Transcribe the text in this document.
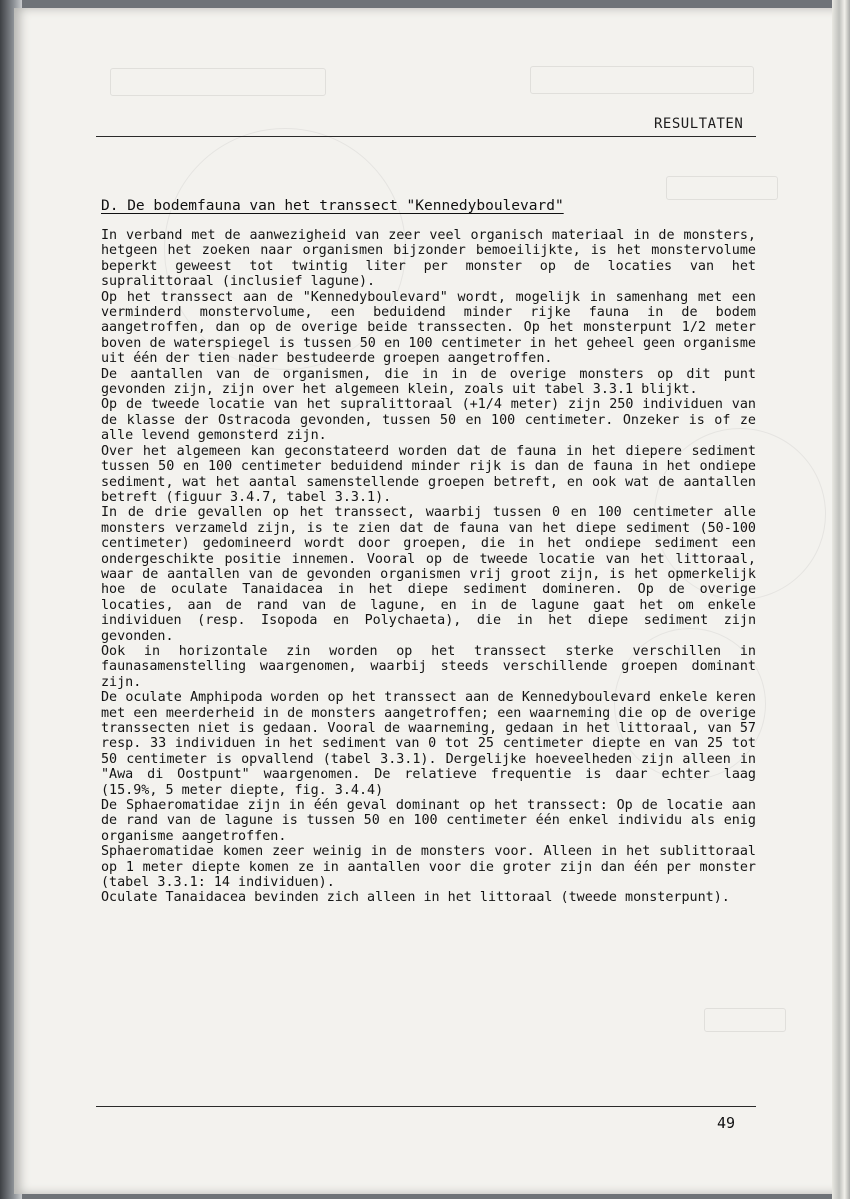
RESULTATEN
D. De bodemfauna van het transsect "Kennedyboulevard"

In verband met de aanwezigheid van zeer veel organisch materiaal in de monsters, hetgeen het zoeken naar organismen bijzonder bemoeilijkte, is het monstervolume beperkt geweest tot twintig liter per monster op de locaties van het supralittoraal (inclusief lagune).

Op het transsect aan de "Kennedyboulevard" wordt, mogelijk in samenhang met een verminderd monstervolume, een beduidend minder rijke fauna in de bodem aangetroffen, dan op de overige beide transsecten. Op het monsterpunt 1/2 meter boven de waterspiegel is tussen 50 en 100 centimeter in het geheel geen organisme uit één der tien nader bestudeerde groepen aangetroffen.

De aantallen van de organismen, die in in de overige monsters op dit punt gevonden zijn, zijn over het algemeen klein, zoals uit tabel 3.3.1 blijkt.

Op de tweede locatie van het supralittoraal (+1/4 meter) zijn 250 individuen van de klasse der Ostracoda gevonden, tussen 50 en 100 centimeter. Onzeker is of ze alle levend gemonsterd zijn.

Over het algemeen kan geconstateerd worden dat de fauna in het diepere sediment tussen 50 en 100 centimeter beduidend minder rijk is dan de fauna in het ondiepe sediment, wat het aantal samenstellende groepen betreft, en ook wat de aantallen betreft (figuur 3.4.7, tabel 3.3.1).

In de drie gevallen op het transsect, waarbij tussen 0 en 100 centimeter alle monsters verzameld zijn, is te zien dat de fauna van het diepe sediment (50-100 centimeter) gedomineerd wordt door groepen, die in het ondiepe sediment een ondergeschikte positie innemen. Vooral op de tweede locatie van het littoraal, waar de aantallen van de gevonden organismen vrij groot zijn, is het opmerkelijk hoe de oculate Tanaidacea in het diepe sediment domineren. Op de overige locaties, aan de rand van de lagune, en in de lagune gaat het om enkele individuen (resp. Isopoda en Polychaeta), die in het diepe sediment zijn gevonden.

Ook in horizontale zin worden op het transsect sterke verschillen in faunasamenstelling waargenomen, waarbij steeds verschillende groepen dominant zijn.

De oculate Amphipoda worden op het transsect aan de Kennedyboulevard enkele keren met een meerderheid in de monsters aangetroffen; een waarneming die op de overige transsecten niet is gedaan. Vooral de waarneming, gedaan in het littoraal, van 57 resp. 33 individuen in het sediment van 0 tot 25 centimeter diepte en van 25 tot 50 centimeter is opvallend (tabel 3.3.1). Dergelijke hoeveelheden zijn alleen in "Awa di Oostpunt" waargenomen. De relatieve frequentie is daar echter laag (15.9%, 5 meter diepte, fig. 3.4.4)

De Sphaeromatidae zijn in één geval dominant op het transsect: Op de locatie aan de rand van de lagune is tussen 50 en 100 centimeter één enkel individu als enig organisme aangetroffen.

Sphaeromatidae komen zeer weinig in de monsters voor. Alleen in het sublittoraal op 1 meter diepte komen ze in aantallen voor die groter zijn dan één per monster (tabel 3.3.1: 14 individuen).

Oculate Tanaidacea bevinden zich alleen in het littoraal (tweede monsterpunt).

49
